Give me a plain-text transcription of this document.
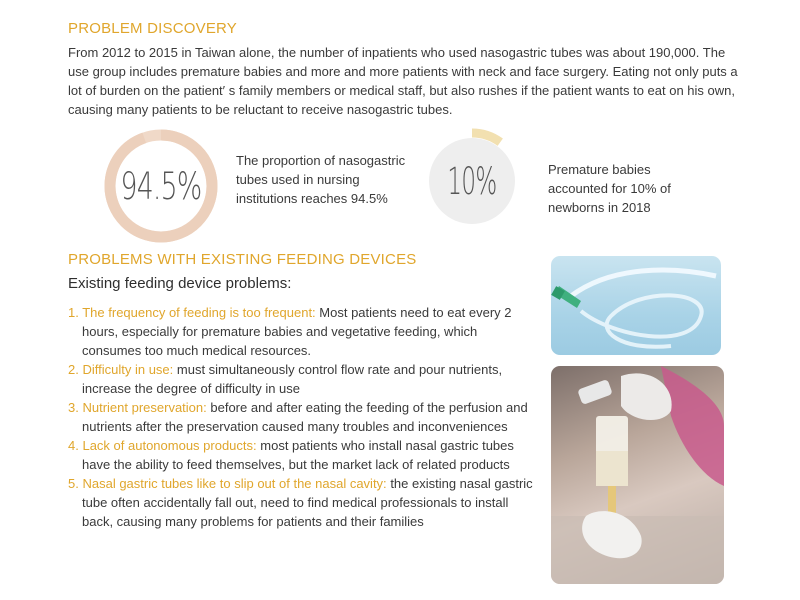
PROBLEM DISCOVERY

From 2012 to 2015 in Taiwan alone, the number of inpatients who used nasogastric tubes was about 190,000. The use group includes premature babies and more and more patients with neck and face surgery. Eating not only puts a lot of burden on the patient′ s family members or medical staff, but also rushes if the patient wants to eat on his own, causing many patients to be reluctant to receive nasogastric tubes.

94.5%

The proportion of nasogastric tubes used in nursing institutions reaches 94.5%	10%	Premature babies accounted for 10% of newborns in 2018

PROBLEMS WITH EXISTING FEEDING DEVICES
Existing feeding device problems:
1. The frequency of feeding is too frequent: Most patients need to eat every 2 hours, especially for premature babies and vegetative feeding, which consumes too much medical resources.
2. Difficulty in use: must simultaneously control flow rate and pour nutrients, increase the degree of difficulty in use
3. Nutrient preservation: before and after eating the feeding of the perfusion and nutrients after the preservation caused many troubles and inconveniences
4. Lack of autonomous products: most patients who install nasal gastric tubes have the ability to feed themselves, but the market lack of related products
5. Nasal gastric tubes like to slip out of the nasal cavity: the existing nasal gastric tube often accidentally fall out, need to find medical professionals to install back, causing many problems for patients and their families
